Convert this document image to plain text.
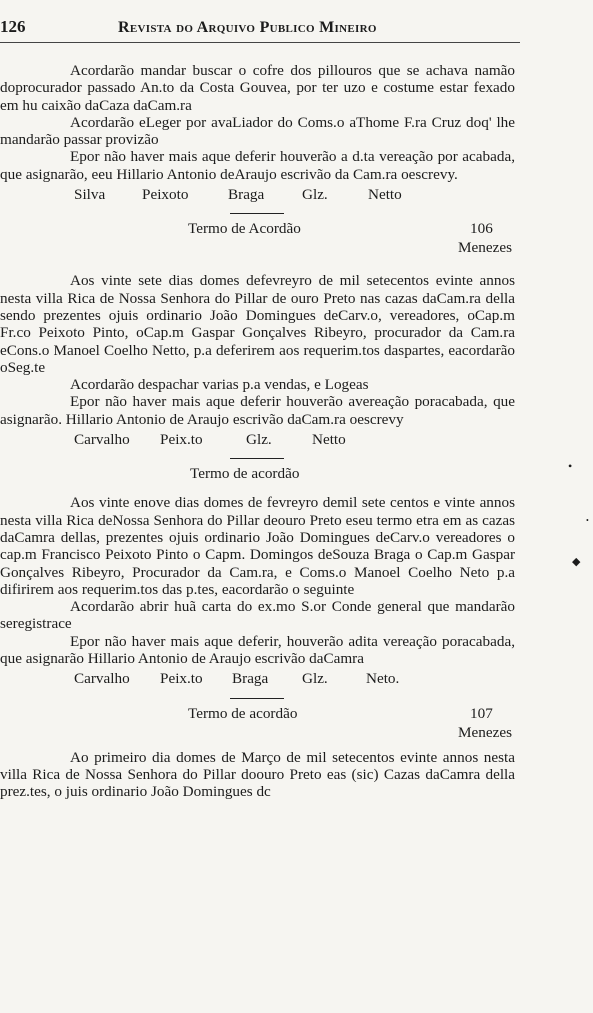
126	Revista do Arquivo Publico Mineiro

Acordarão mandar buscar o cofre dos pillouros que se achava namão doprocurador passado An.to da Costa Gouvea, por ter uzo e costume estar fexado em hu caixão daCaza daCam.ra

Acordarão eLeger por avaLiador do Coms.o aThome F.ra Cruz doq' lhe mandarão passar provizão

Epor não haver mais aque deferir houverão a d.ta vereação por acabada, que asignarão, eeu Hillario Antonio deAraujo escrivão da Cam.ra oescrevy.

Silva	Peixoto	Braga	Glz.	Netto
Termo de Acordão	106
Menezes

Aos vinte sete dias domes defevreyro de mil setecentos evinte annos nesta villa Rica de Nossa Senhora do Pillar de ouro Preto nas cazas daCam.ra della sendo prezentes ojuis ordinario João Domingues deCarv.o, vereadores, oCap.m Fr.co Peixoto Pinto, oCap.m Gaspar Gonçalves Ribeyro, procurador da Cam.ra eCons.o Manoel Coelho Netto, p.a deferirem aos requerim.tos daspartes, eacordarão oSeg.te

Acordarão despachar varias p.a vendas, e Logeas

Epor não haver mais aque deferir houverão avereação poracabada, que asignarão. Hillario Antonio de Araujo escrivão daCam.ra oescrevy

Carvalho	Peix.to	Glz.	Netto
Termo de acordão

Aos vinte enove dias domes de fevreyro demil sete centos e vinte annos nesta villa Rica deNossa Senhora do Pillar deouro Preto eseu termo etra em as cazas daCamra dellas, prezentes ojuis ordinario João Domingues deCarv.o vereadores o cap.m Francisco Peixoto Pinto o Capm. Domingos deSouza Braga o Cap.m Gaspar Gonçalves Ribeyro, Procurador da Cam.ra, e Coms.o Manoel Coelho Neto p.a difirirem aos requerim.tos das p.tes, eacordarão o seguinte

Acordarão abrir huã carta do ex.mo S.or Conde general que mandarão seregistrace

Epor não haver mais aque deferir, houverão adita vereação poracabada, que asignarão Hillario Antonio de Araujo escrivão daCamra

Carvalho	Peix.to	Braga	Glz.	Neto.
Termo de acordão	107
Menezes

Ao primeiro dia domes de Março de mil setecentos evinte annos nesta villa Rica de Nossa Senhora do Pillar doouro Preto eas (sic) Cazas daCamra della prez.tes, o juis ordinario João Domingues dc

•
•
◆
